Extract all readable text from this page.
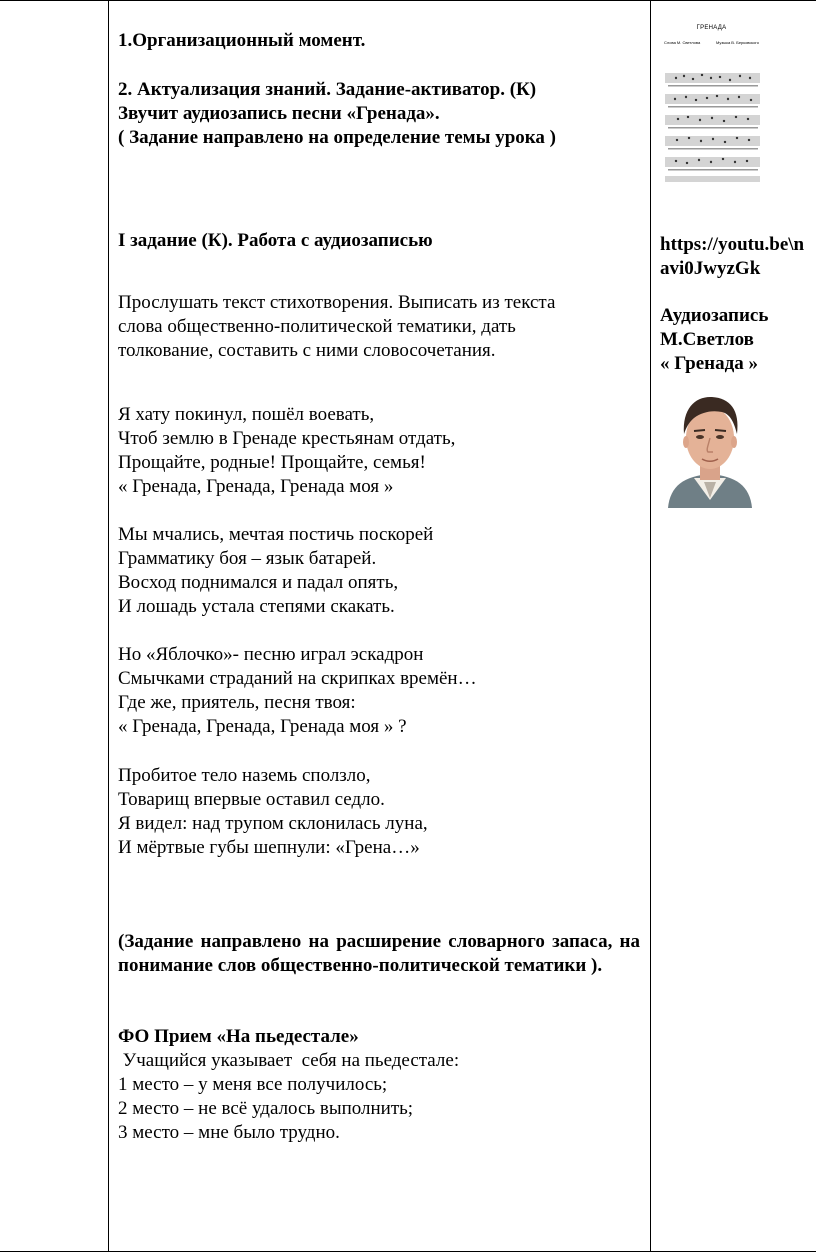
1.Организационный момент.
2. Актуализация знаний. Задание-активатор. (К)
Звучит аудиозапись песни «Гренада».
( Задание направлено на определение темы урока )
I задание (К). Работа с аудиозаписью
Прослушать текст стихотворения. Выписать из текста
слова общественно-политической тематики, дать
толкование, составить с ними словосочетания.
Я хату покинул, пошёл воевать,
Чтоб землю в Гренаде крестьянам отдать,
Прощайте, родные! Прощайте, семья!
« Гренада, Гренада, Гренада моя »
Мы мчались, мечтая постичь поскорей
Грамматику боя – язык батарей.
Восход поднимался и падал опять,
И лошадь устала степями скакать.
Но «Яблочко»- песню играл эскадрон
Смычками страданий на скрипках времён…
Где же, приятель, песня твоя:
« Гренада, Гренада, Гренада моя » ?
Пробитое тело наземь сползло,
Товарищ впервые оставил седло.
Я видел: над трупом склонилась луна,
И мёртвые губы шепнули: «Грена…»
(Задание направлено на расширение словарного запаса, на понимание слов общественно-политической тематики ).
ФО Прием «На пьедестале»
Учащийся указывает  себя на пьедестале:
1 место – у меня все получилось;
2 место – не всё удалось выполнить;
3 место – мне было трудно.
ГРЕНАДА
Слова М. Светлова	Музыка В. Берковского
https://youtu.be\n
avi0JwyzGk
Аудиозапись
М.Светлов
« Гренада »
